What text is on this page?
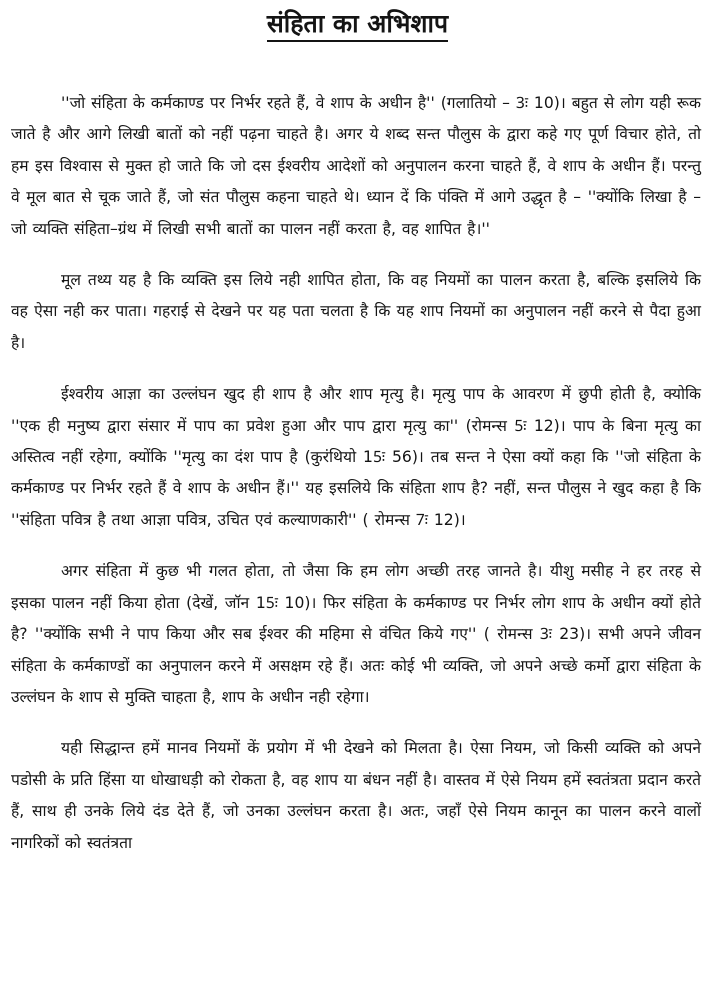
संहिता का अभिशाप

''जो संहिता के कर्मकाण्ड पर निर्भर रहते हैं, वे शाप के अधीन है'' (गलातियो – 3ः 10)। बहुत से लोग यही रूक जाते है और आगे लिखी बातों को नहीं पढ़ना चाहते है। अगर ये शब्द सन्त पौलुस के द्वारा कहे गए पूर्ण विचार होते, तो हम इस विश्वास से मुक्त हो जाते कि जो दस ईश्वरीय आदेशों को अनुपालन करना चाहते हैं, वे शाप के अधीन हैं। परन्तु वे मूल बात से चूक जाते हैं, जो संत पौलुस कहना चाहते थे। ध्यान दें कि पंक्ति में आगे उद्धृत है – ''क्योंकि लिखा है – जो व्यक्ति संहिता–ग्रंथ में लिखी सभी बातों का पालन नहीं करता है, वह शापित है।''

मूल तथ्य यह है कि व्यक्ति इस लिये नही शापित होता, कि वह नियमों का पालन करता है, बल्कि इसलिये कि वह ऐसा नही कर पाता। गहराई से देखने पर यह पता चलता है कि यह शाप नियमों का अनुपालन नहीं करने से पैदा हुआ है।

ईश्वरीय आज्ञा का उल्लंघन खुद ही शाप है और शाप मृत्यु है। मृत्यु पाप के आवरण में छुपी होती है, क्योकि ''एक ही मनुष्य द्वारा संसार में पाप का प्रवेश हुआ और पाप द्वारा मृत्यु का'' (रोमन्स 5ः 12)। पाप के बिना मृत्यु का अस्तित्व नहीं रहेगा, क्योंकि ''मृत्यु का दंश पाप है (कुरंथियो 15ः 56)। तब सन्त ने ऐसा क्यों कहा कि ''जो संहिता के कर्मकाण्ड पर निर्भर रहते हैं वे शाप के अधीन हैं।'' यह इसलिये कि संहिता शाप है? नहीं, सन्त पौलुस ने खुद कहा है कि ''संहिता पवित्र है तथा आज्ञा पवित्र, उचित एवं कल्याणकारी'' ( रोमन्स 7ः 12)।

अगर संहिता में कुछ भी गलत होता, तो जैसा कि हम लोग अच्छी तरह जानते है। यीशु मसीह ने हर तरह से इसका पालन नहीं किया होता (देखें, जॉन 15ः 10)। फिर संहिता के कर्मकाण्ड पर निर्भर लोग शाप के अधीन क्यों होते है? ''क्योंकि सभी ने पाप किया और सब ईश्वर की महिमा से वंचित किये गए'' ( रोमन्स 3ः 23)। सभी अपने जीवन संहिता के कर्मकाण्डों का अनुपालन करने में असक्षम रहे हैं। अतः कोई भी व्यक्ति, जो अपने अच्छे कर्मो द्वारा संहिता के उल्लंघन के शाप से मुक्ति चाहता है, शाप के अधीन नही रहेगा।

यही सिद्धान्त हमें मानव नियमों कें प्रयोग में भी देखने को मिलता है। ऐसा नियम, जो किसी व्यक्ति को अपने पडोसी के प्रति हिंसा या धोखाधड़ी को रोकता है, वह शाप या बंधन नहीं है। वास्तव में ऐसे नियम हमें स्वतंत्रता प्रदान करते हैं, साथ ही उनके लिये दंड देते हैं, जो उनका उल्लंघन करता है। अतः, जहाँ ऐसे नियम कानून का पालन करने वालों नागरिकों को स्वतंत्रता
